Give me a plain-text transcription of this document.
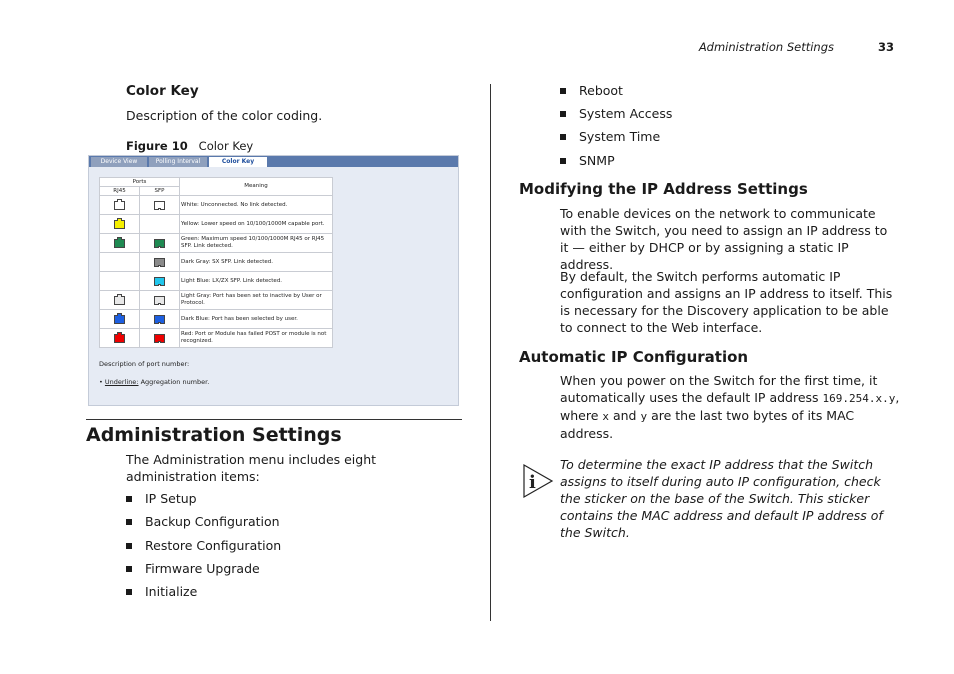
Administration Settings	33
Color Key
Description of the color coding.
Figure 10 Color Key
Device View	Polling Interval	Color Key
Ports		Meaning
RJ45	SFP	
		White: Unconnected. No link detected.
		Yellow: Lower speed on 10/100/1000M capable port.
		Green: Maximum speed 10/100/1000M RJ45 or RJ45 SFP. Link detected.
		Dark Gray: SX SFP. Link detected.
		Light Blue: LX/ZX SFP. Link detected.
		Light Gray: Port has been set to inactive by User or Protocol.
		Dark Blue: Port has been selected by user.
		Red: Port or Module has failed POST or module is not recognized.
Description of port number:
• Underline: Aggregation number.
Administration Settings
The Administration menu includes eight administration items:
IP Setup
Backup Configuration
Restore Configuration
Firmware Upgrade
Initialize
Reboot
System Access
System Time
SNMP
Modifying the IP Address Settings
To enable devices on the network to communicate with the Switch, you need to assign an IP address to it — either by DHCP or by assigning a static IP address.
By default, the Switch performs automatic IP configuration and assigns an IP address to itself. This is necessary for the Discovery application to be able to connect to the Web interface.
Automatic IP Configuration
When you power on the Switch for the first time, it
automatically uses the default IP address 169.254.x.y,
where x and y are the last two bytes of its MAC
address.
i
To determine the exact IP address that the Switch assigns to itself during auto IP configuration, check the sticker on the base of the Switch. This sticker contains the MAC address and default IP address of the Switch.
